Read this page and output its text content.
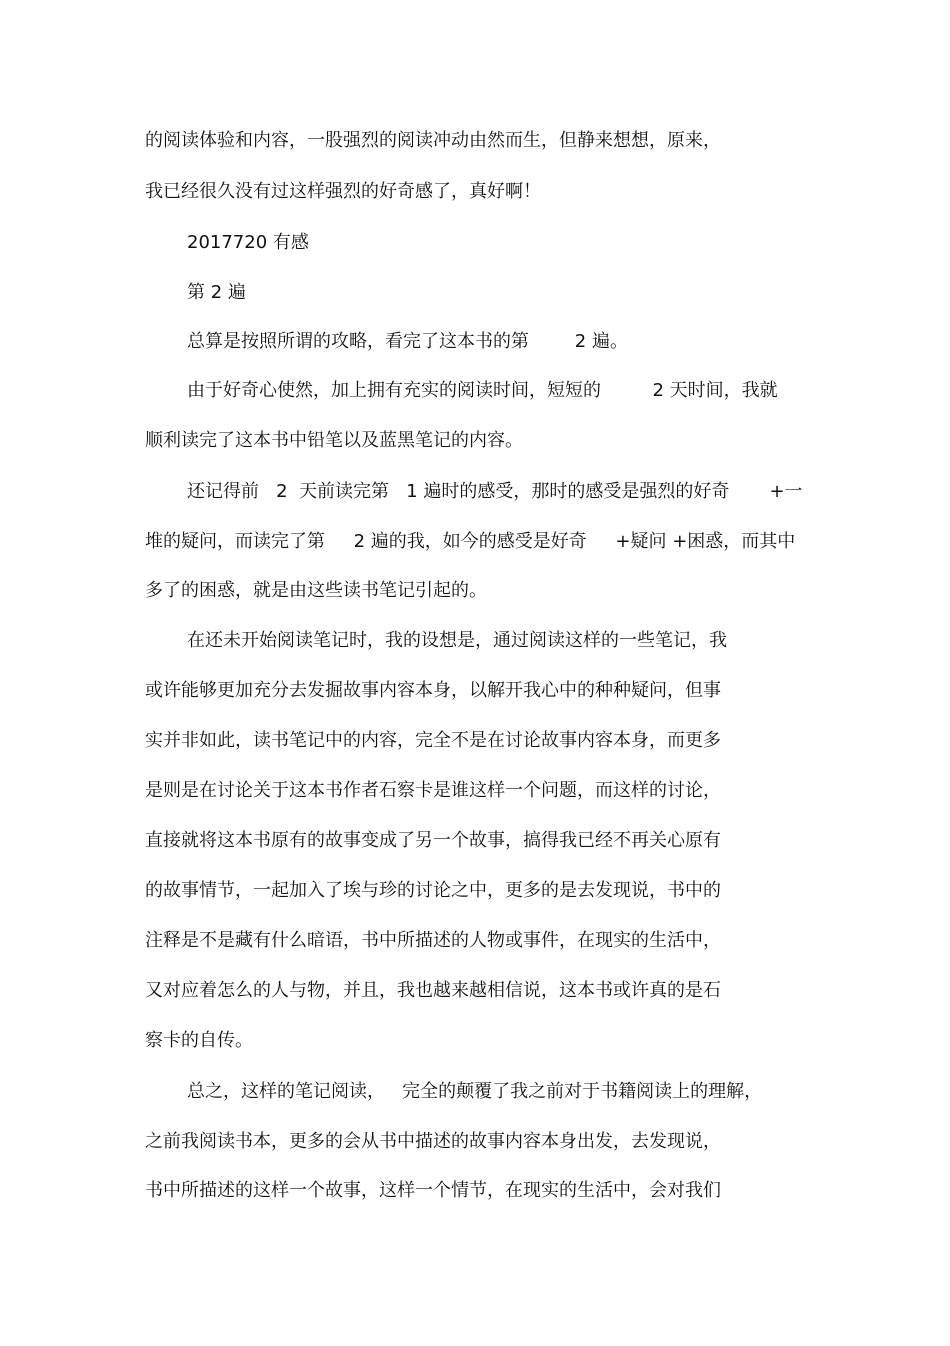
的阅读体验和内容，一股强烈的阅读冲动由然而生，但静来想想，原来，
我已经很久没有过这样强烈的好奇感了，真好啊！
2017720 有感
第 2 遍
总算是按照所谓的攻略，看完了这本书的第        2 遍。
由于好奇心使然，加上拥有充实的阅读时间，短短的         2 天时间，我就
顺利读完了这本书中铅笔以及蓝黑笔记的内容。
还记得前   2  天前读完第   1 遍时的感受，那时的感受是强烈的好奇       +一
堆的疑问，而读完了第     2 遍的我，如今的感受是好奇     +疑问 +困惑，而其中
多了的困惑，就是由这些读书笔记引起的。
在还未开始阅读笔记时，我的设想是，通过阅读这样的一些笔记，我
或许能够更加充分去发掘故事内容本身，以解开我心中的种种疑问，但事
实并非如此，读书笔记中的内容，完全不是在讨论故事内容本身，而更多
是则是在讨论关于这本书作者石察卡是谁这样一个问题，而这样的讨论，
直接就将这本书原有的故事变成了另一个故事，搞得我已经不再关心原有
的故事情节，一起加入了埃与珍的讨论之中，更多的是去发现说，书中的
注释是不是藏有什么暗语，书中所描述的人物或事件，在现实的生活中，
又对应着怎么的人与物，并且，我也越来越相信说，这本书或许真的是石
察卡的自传。
总之，这样的笔记阅读，   完全的颠覆了我之前对于书籍阅读上的理解，
之前我阅读书本，更多的会从书中描述的故事内容本身出发，去发现说，
书中所描述的这样一个故事，这样一个情节，在现实的生活中，会对我们
